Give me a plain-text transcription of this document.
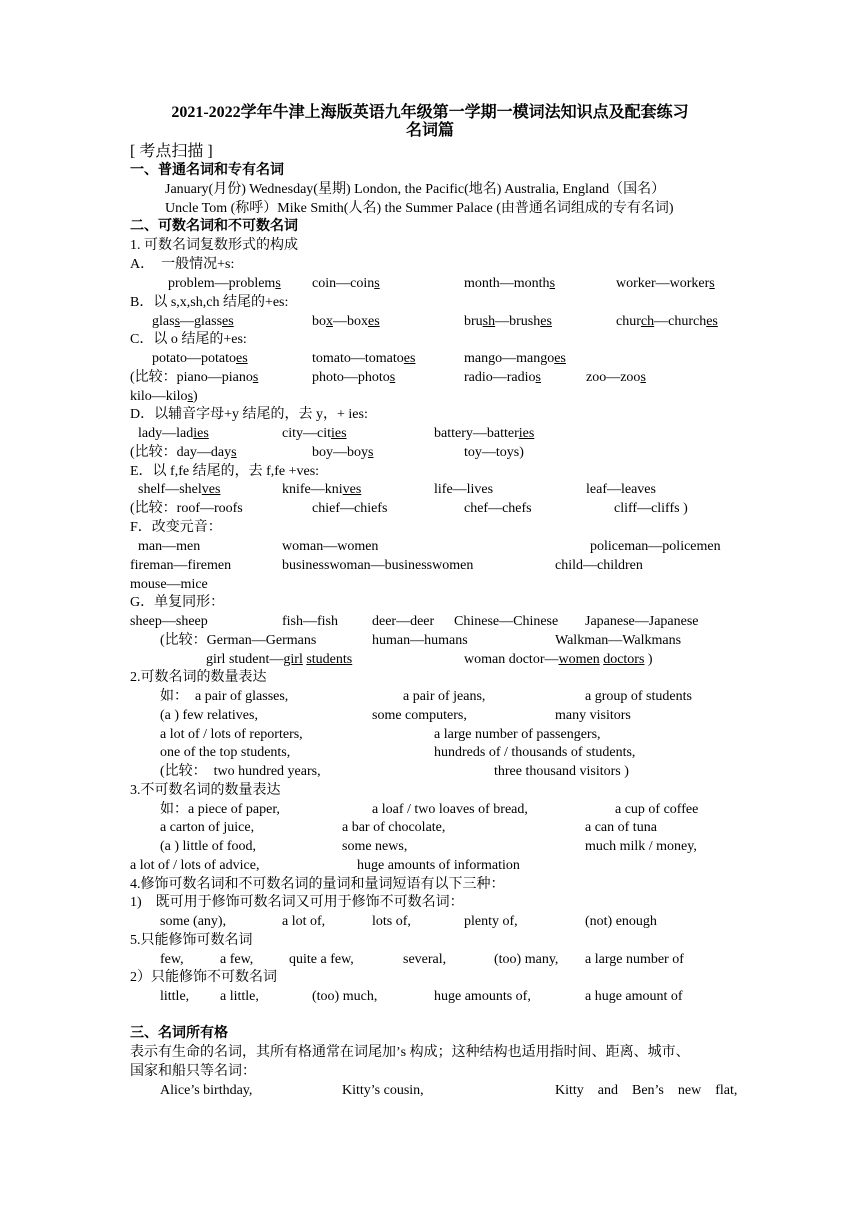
2021-2022学年牛津上海版英语九年级第一学期一模词法知识点及配套练习
名词篇
[ 考点扫描 ]
一、普通名词和专有名词
January(月份) Wednesday(星期) London, the Pacific(地名) Australia, England（国名）
Uncle Tom (称呼）Mike Smith(人名) the Summer Palace (由普通名词组成的专有名词)
二、可数名词和不可数名词
1. 可数名词复数形式的构成
A．　一般情况+s:
problem—problems coin—coins	month—months	worker—workers
B．以 s,x,sh,ch 结尾的+es:
glass—glasses	box—boxes	brush—brushes	church—churches
C．以 o 结尾的+es:
potato—potatoes	tomato—tomatoes	mango—mangoes
(比较：piano—pianos	photo—photos	radio—radios	zoo—zoos
kilo—kilos)
D．以辅音字母+y 结尾的，去 y，+ ies:
lady—ladies	city—cities	battery—batteries
(比较：day—days	boy—boys	toy—toys)
E．以 f,fe 结尾的，去 f,fe +ves:
shelf—shelves	knife—knives	life—lives	leaf—leaves
(比较：roof—roofs	chief—chiefs	chef—chefs	cliff—cliffs )
F．改变元音：
man—men	woman—women	policeman—policemen
fireman—firemen	businesswoman—businesswomen	child—children
mouse—mice
G．单复同形：
sheep—sheep	fish—fish deer—deer Chinese—Chinese Japanese—Japanese
(比较：German—Germans	human—humans	Walkman—Walkmans
girl student—girl students	woman doctor—women doctors )
2.可数名词的数量表达
如：　a pair of glasses,	a pair of jeans,	a group of students
(a ) few relatives,	some computers,	many visitors
a lot of / lots of reporters,	a large number of passengers,
one of the top students,	hundreds of / thousands of students,
(比较：　two hundred years,	three thousand visitors )
3.不可数名词的数量表达
如：a piece of paper,	a loaf / two loaves of bread,	a cup of coffee
a carton of juice,	a bar of chocolate,	a can of tuna
(a ) little of food,	some news,	much milk / money,
a lot of / lots of advice,	huge amounts of information
4.修饰可数名词和不可数名词的量词和量词短语有以下三种：
1)　既可用于修饰可数名词又可用于修饰不可数名词：
some (any),	a lot of,	lots of,	plenty of,	(not) enough
5.只能修饰可数名词
few,	a few,	quite a few,	several,	(too) many, a large number of
2）只能修饰不可数名词
little, a little,	(too) much,	huge amounts of,	a huge amount of
三、名词所有格
表示有生命的名词，其所有格通常在词尾加’s 构成；这种结构也适用指时间、距离、城市、
国家和船只等名词：
Alice’s birthday,	Kitty’s cousin,	Kitty　and　Ben’s　new　flat,
